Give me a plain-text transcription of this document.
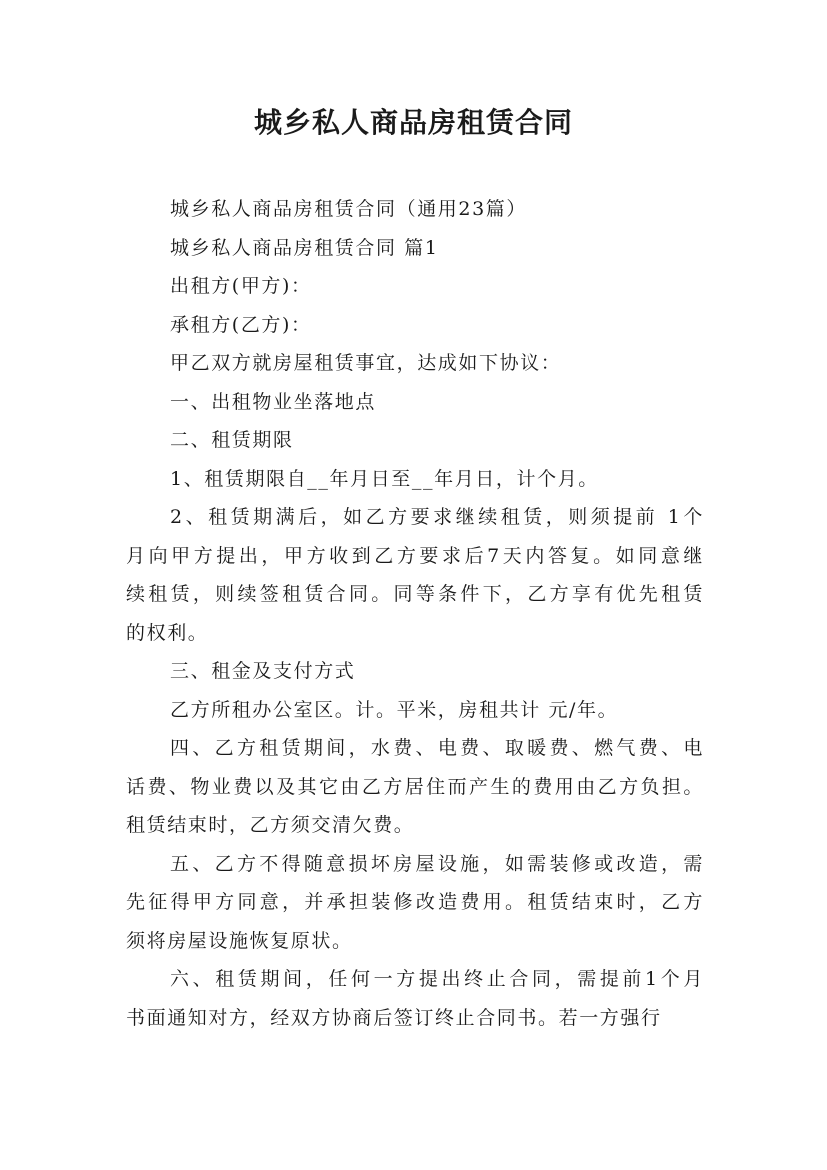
城乡私人商品房租赁合同
城乡私人商品房租赁合同（通用23篇）
城乡私人商品房租赁合同 篇1
出租方(甲方)：
承租方(乙方)：
甲乙双方就房屋租赁事宜，达成如下协议：
一、出租物业坐落地点
二、租赁期限
1、租赁期限自__年月日至__年月日，计个月。
2、租赁期满后，如乙方要求继续租赁，则须提前 1个
月向甲方提出，甲方收到乙方要求后7天内答复。如同意继
续租赁，则续签租赁合同。同等条件下，乙方享有优先租赁
的权利。
三、租金及支付方式
乙方所租办公室区。计。平米，房租共计 元/年。
四、乙方租赁期间，水费、电费、取暖费、燃气费、电
话费、物业费以及其它由乙方居住而产生的费用由乙方负担。
租赁结束时，乙方须交清欠费。
五、乙方不得随意损坏房屋设施，如需装修或改造，需
先征得甲方同意，并承担装修改造费用。租赁结束时，乙方
须将房屋设施恢复原状。
六、租赁期间，任何一方提出终止合同，需提前1个月
书面通知对方，经双方协商后签订终止合同书。若一方强行
